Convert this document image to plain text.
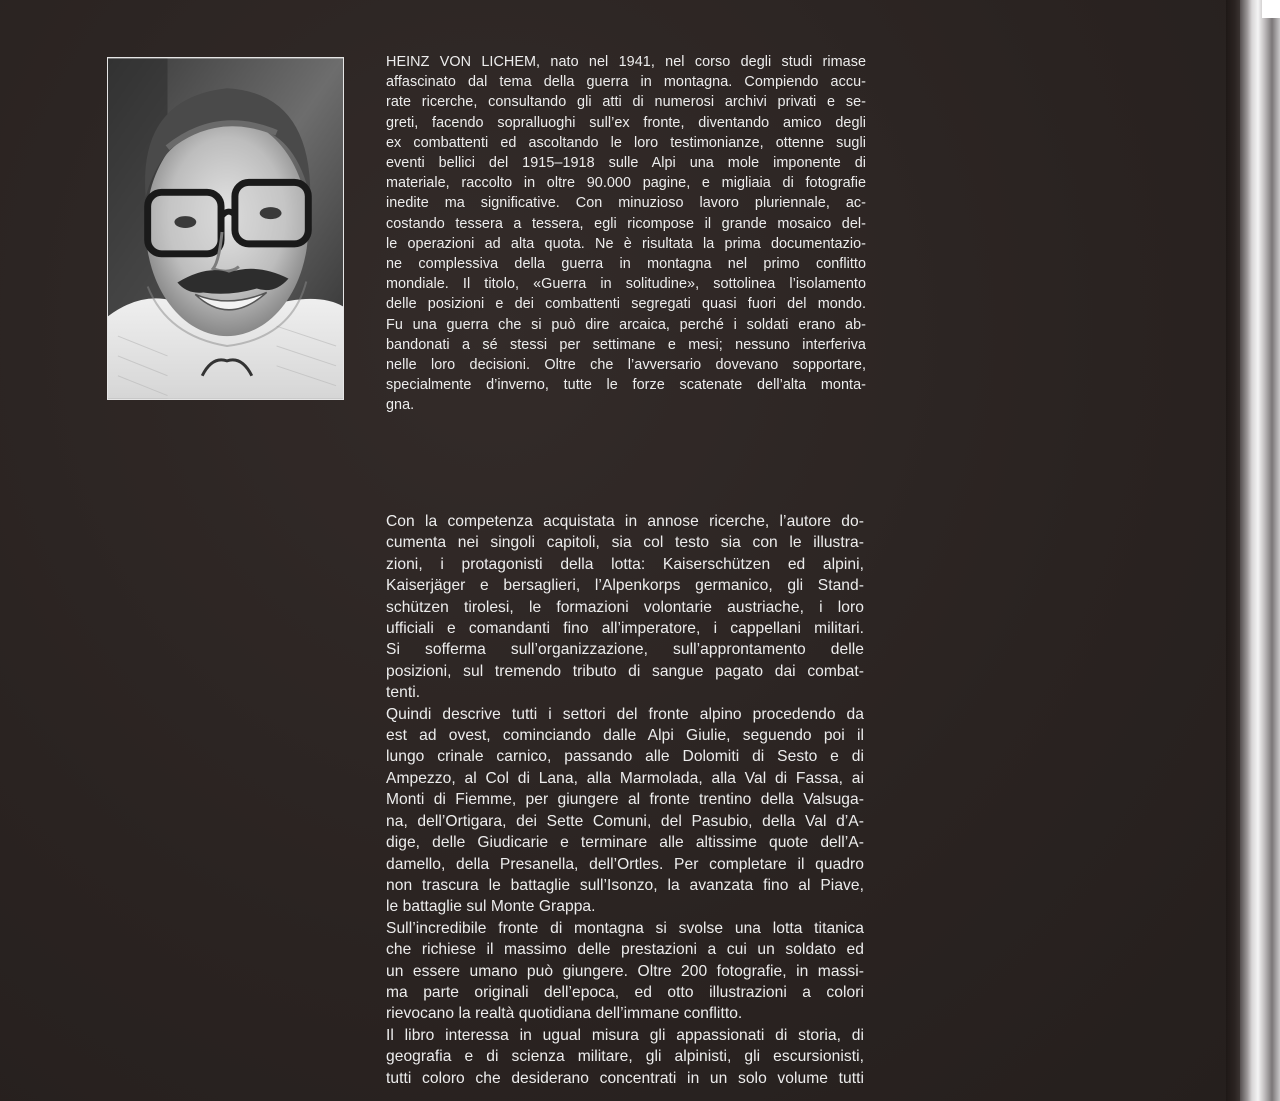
HEINZ VON LICHEM, nato nel 1941, nel corso degli studi rimase
affascinato dal tema della guerra in montagna. Compiendo accu-
rate ricerche, consultando gli atti di numerosi archivi privati e se-
greti, facendo sopralluoghi sull’ex fronte, diventando amico degli
ex combattenti ed ascoltando le loro testimonianze, ottenne sugli
eventi bellici del 1915–1918 sulle Alpi una mole imponente di
materiale, raccolto in oltre 90.000 pagine, e migliaia di fotografie
inedite ma significative. Con minuzioso lavoro pluriennale, ac-
costando tessera a tessera, egli ricompose il grande mosaico del-
le operazioni ad alta quota. Ne è risultata la prima documentazio-
ne complessiva della guerra in montagna nel primo conflitto
mondiale. Il titolo, «Guerra in solitudine», sottolinea l’isolamento
delle posizioni e dei combattenti segregati quasi fuori del mondo.
Fu una guerra che si può dire arcaica, perché i soldati erano ab-
bandonati a sé stessi per settimane e mesi; nessuno interferiva
nelle loro decisioni. Oltre che l’avversario dovevano sopportare,
specialmente d’inverno, tutte le forze scatenate dell’alta monta-
gna.
Con la competenza acquistata in annose ricerche, l’autore do-
cumenta nei singoli capitoli, sia col testo sia con le illustra-
zioni, i protagonisti della lotta: Kaiserschützen ed alpini,
Kaiserjäger e bersaglieri, l’Alpenkorps germanico, gli Stand-
schützen tirolesi, le formazioni volontarie austriache, i loro
ufficiali e comandanti fino all’imperatore, i cappellani militari.
Si sofferma sull’organizzazione, sull’approntamento delle
posizioni, sul tremendo tributo di sangue pagato dai combat-
tenti.
Quindi descrive tutti i settori del fronte alpino procedendo da
est ad ovest, cominciando dalle Alpi Giulie, seguendo poi il
lungo crinale carnico, passando alle Dolomiti di Sesto e di
Ampezzo, al Col di Lana, alla Marmolada, alla Val di Fassa, ai
Monti di Fiemme, per giungere al fronte trentino della Valsuga-
na, dell’Ortigara, dei Sette Comuni, del Pasubio, della Val d’A-
dige, delle Giudicarie e terminare alle altissime quote dell’A-
damello, della Presanella, dell’Ortles. Per completare il quadro
non trascura le battaglie sull’Isonzo, la avanzata fino al Piave,
le battaglie sul Monte Grappa.
Sull’incredibile fronte di montagna si svolse una lotta titanica
che richiese il massimo delle prestazioni a cui un soldato ed
un essere umano può giungere. Oltre 200 fotografie, in massi-
ma parte originali dell’epoca, ed otto illustrazioni a colori
rievocano la realtà quotidiana dell’immane conflitto.
Il libro interessa in ugual misura gli appassionati di storia, di
geografia e di scienza militare, gli alpinisti, gli escursionisti,
tutti coloro che desiderano concentrati in un solo volume tutti
